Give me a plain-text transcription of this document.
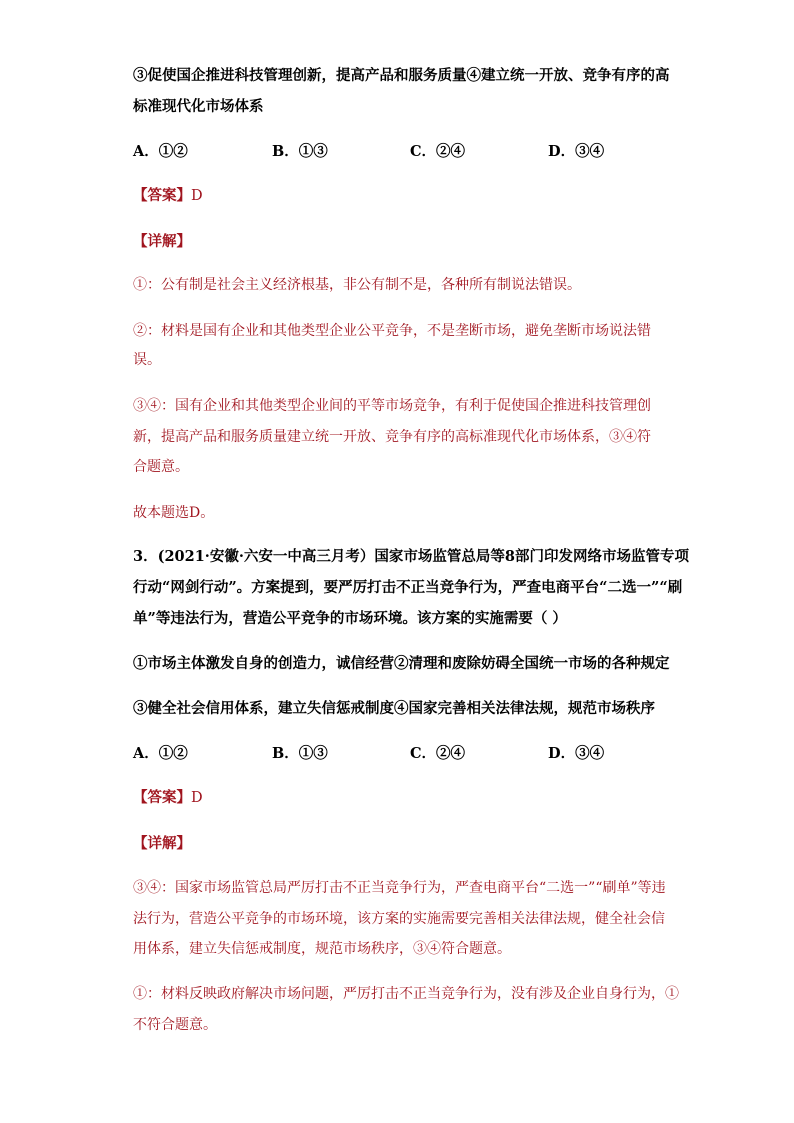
③促使国企推进科技管理创新，提高产品和服务质量④建立统一开放、竞争有序的高
标准现代化市场体系
A．①②	B．①③	C．②④	D．③④
【答案】D
【详解】
①：公有制是社会主义经济根基，非公有制不是，各种所有制说法错误。
②：材料是国有企业和其他类型企业公平竞争，不是垄断市场，避免垄断市场说法错
误。
③④：国有企业和其他类型企业间的平等市场竞争，有利于促使国企推进科技管理创
新，提高产品和服务质量建立统一开放、竞争有序的高标准现代化市场体系，③④符
合题意。
故本题选D。
3．(2021·安徽·六安一中高三月考）国家市场监管总局等8部门印发网络市场监管专项
行动“网剑行动”。方案提到，要严厉打击不正当竞争行为，严查电商平台“二选一”“刷
单”等违法行为，营造公平竞争的市场环境。该方案的实施需要（ ）
①市场主体激发自身的创造力，诚信经营②清理和废除妨碍全国统一市场的各种规定
③健全社会信用体系，建立失信惩戒制度④国家完善相关法律法规，规范市场秩序
A．①②	B．①③	C．②④	D．③④
【答案】D
【详解】
③④：国家市场监管总局严厉打击不正当竞争行为，严查电商平台“二选一”“刷单”等违
法行为，营造公平竞争的市场环境，该方案的实施需要完善相关法律法规，健全社会信
用体系，建立失信惩戒制度，规范市场秩序，③④符合题意。
①：材料反映政府解决市场问题，严厉打击不正当竞争行为，没有涉及企业自身行为，①
不符合题意。
